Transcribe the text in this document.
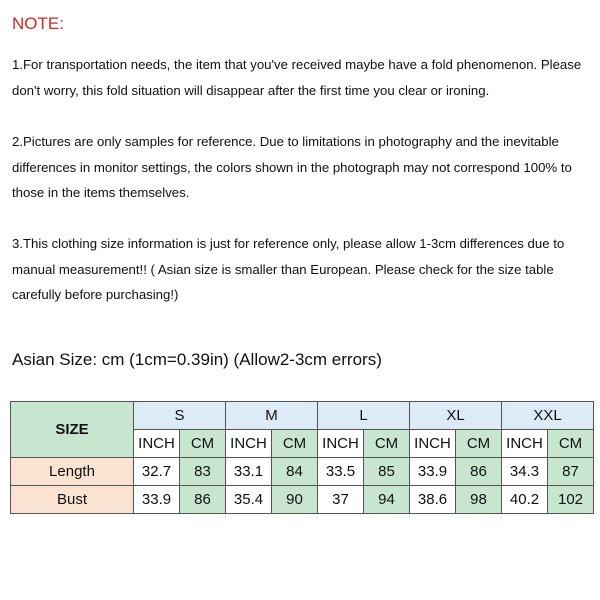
NOTE:

1.For transportation needs, the item that you've received maybe have a fold phenomenon. Please don't worry, this fold situation will disappear after the first time you clear or ironing.

2.Pictures are only samples for reference. Due to limitations in photography and the inevitable differences in monitor settings, the colors shown in the photograph may not correspond 100% to those in the items themselves.

3.This clothing size information is just for reference only, please allow 1-3cm differences due to manual measurement!! ( Asian size is smaller than European. Please check for the size table carefully before purchasing!)

Asian Size: cm (1cm=0.39in) (Allow2-3cm errors)
SIZE	S		M		L		XL		XXL	
	INCH	CM	INCH	CM	INCH	CM	INCH	CM	INCH	CM
Length	32.7	83	33.1	84	33.5	85	33.9	86	34.3	87
Bust	33.9	86	35.4	90	37	94	38.6	98	40.2	102
